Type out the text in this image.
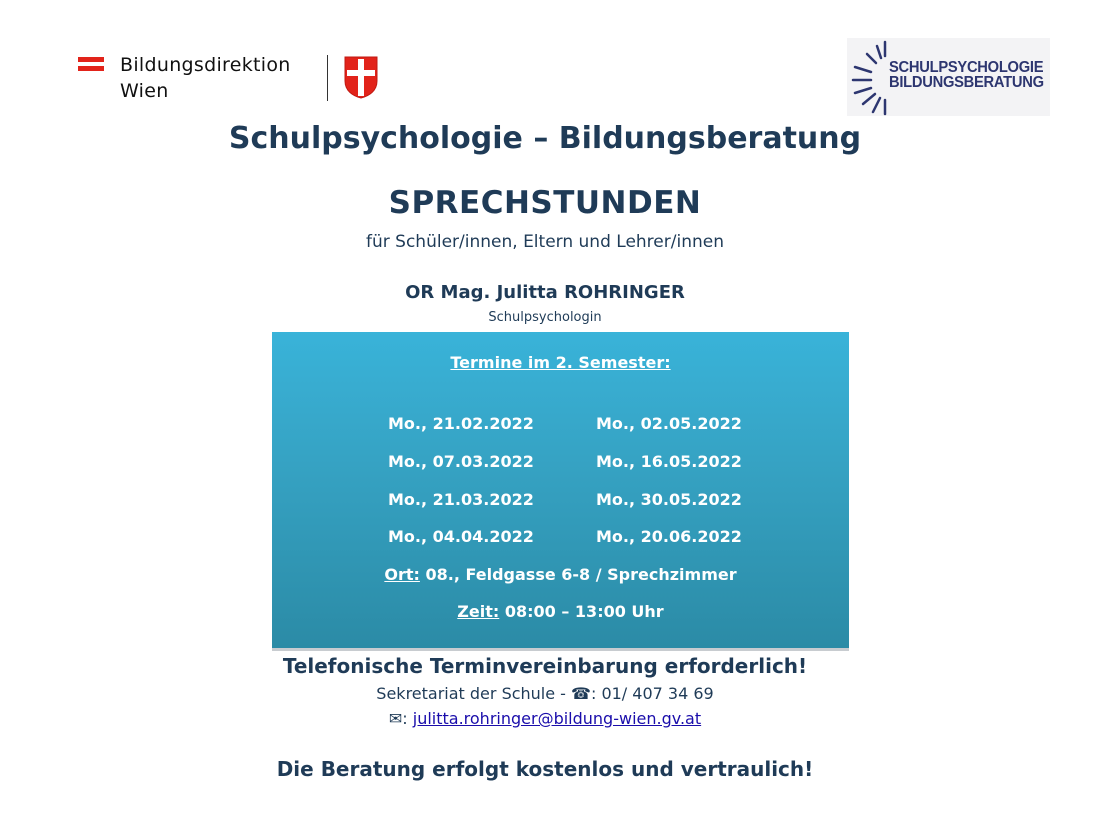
Bildungsdirektion
Wien
SCHULPSYCHOLOGIE
BILDUNGSBERATUNG
Schulpsychologie – Bildungsberatung
SPRECHSTUNDEN
für Schüler/innen, Eltern und Lehrer/innen
OR Mag. Julitta ROHRINGER
Schulpsychologin
Termine im 2. Semester:
Mo., 21.02.2022	Mo., 02.05.2022
Mo., 07.03.2022	Mo., 16.05.2022
Mo., 21.03.2022	Mo., 30.05.2022
Mo., 04.04.2022	Mo., 20.06.2022
Ort: 08., Feldgasse 6-8 / Sprechzimmer
Zeit: 08:00 – 13:00 Uhr
Telefonische Terminvereinbarung erforderlich!
Sekretariat der Schule - ☎: 01/ 407 34 69
✉: julitta.rohringer@bildung-wien.gv.at
Die Beratung erfolgt kostenlos und vertraulich!
